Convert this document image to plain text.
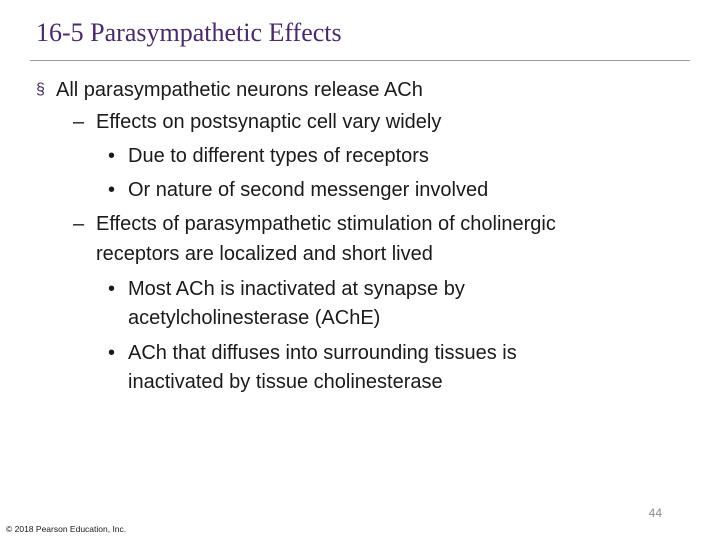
16-5 Parasympathetic Effects
§ All parasympathetic neurons release ACh
– Effects on postsynaptic cell vary widely
• Due to different types of receptors
• Or nature of second messenger involved
– Effects of parasympathetic stimulation of cholinergic
receptors are localized and short lived
• Most ACh is inactivated at synapse by
acetylcholinesterase (AChE)
• ACh that diffuses into surrounding tissues is
inactivated by tissue cholinesterase
44
© 2018 Pearson Education, Inc.
